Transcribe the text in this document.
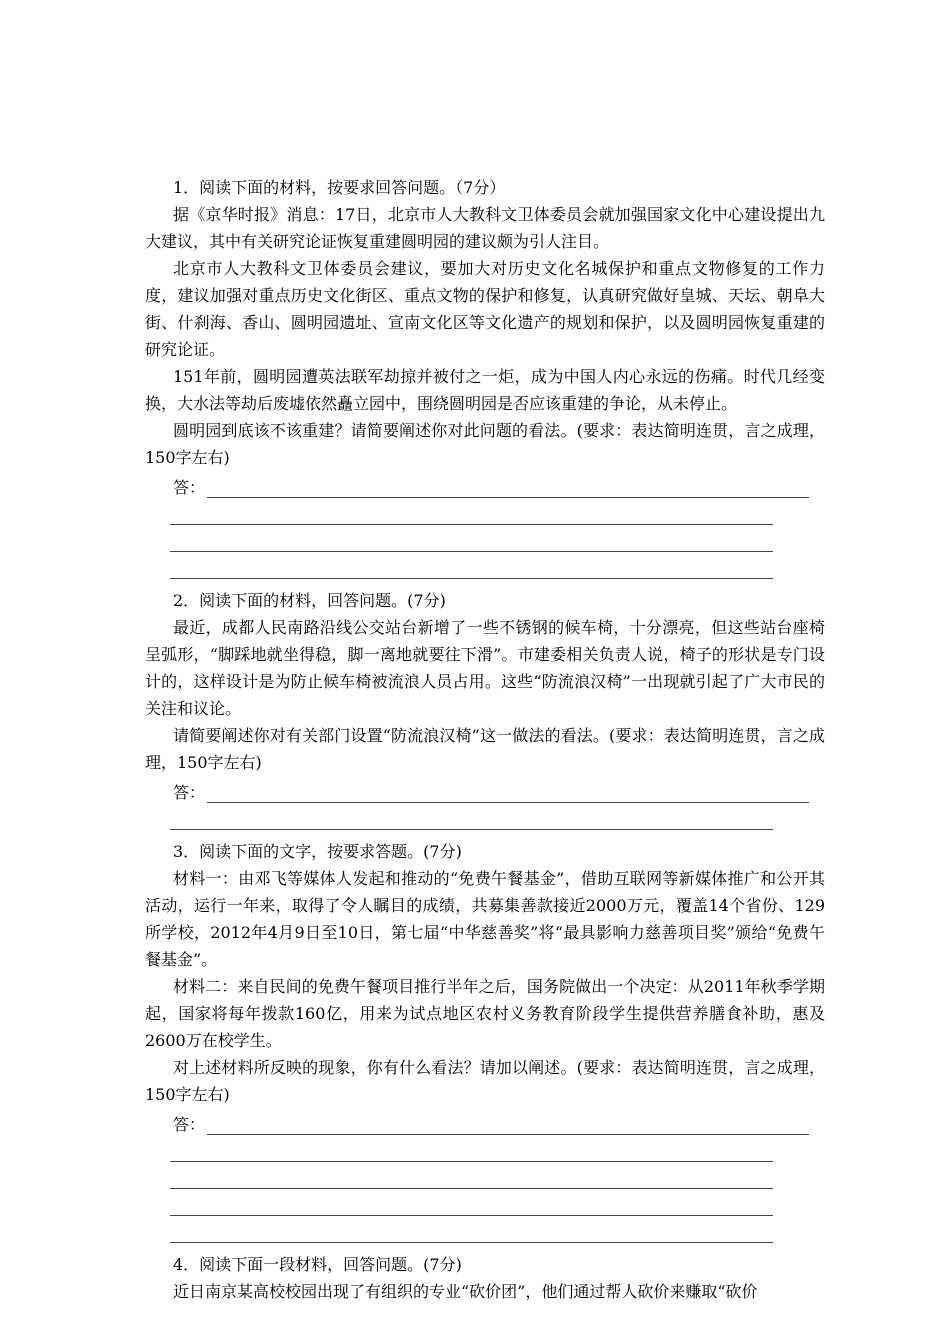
1．阅读下面的材料，按要求回答问题。（7分）

据《京华时报》消息：17日，北京市人大教科文卫体委员会就加强国家文化中心建设提出九大建议，其中有关研究论证恢复重建圆明园的建议颇为引人注目。

北京市人大教科文卫体委员会建议，要加大对历史文化名城保护和重点文物修复的工作力度，建议加强对重点历史文化街区、重点文物的保护和修复，认真研究做好皇城、天坛、朝阜大街、什刹海、香山、圆明园遗址、宣南文化区等文化遗产的规划和保护，以及圆明园恢复重建的研究论证。

151年前，圆明园遭英法联军劫掠并被付之一炬，成为中国人内心永远的伤痛。时代几经变换，大水法等劫后废墟依然矗立园中，围绕圆明园是否应该重建的争论，从未停止。

圆明园到底该不该重建？请简要阐述你对此问题的看法。(要求：表达简明连贯，言之成理，150字左右)

答：

2．阅读下面的材料，回答问题。(7分)

最近，成都人民南路沿线公交站台新增了一些不锈钢的候车椅，十分漂亮，但这些站台座椅呈弧形，“脚踩地就坐得稳，脚一离地就要往下滑”。市建委相关负责人说，椅子的形状是专门设计的，这样设计是为防止候车椅被流浪人员占用。这些“防流浪汉椅”一出现就引起了广大市民的关注和议论。

请简要阐述你对有关部门设置“防流浪汉椅”这一做法的看法。(要求：表达简明连贯，言之成理，150字左右)

答：

3．阅读下面的文字，按要求答题。(7分)

材料一：由邓飞等媒体人发起和推动的“免费午餐基金”，借助互联网等新媒体推广和公开其活动，运行一年来，取得了令人瞩目的成绩，共募集善款接近2000万元，覆盖14个省份、129所学校，2012年4月9日至10日，第七届“中华慈善奖”将“最具影响力慈善项目奖”颁给“免费午餐基金”。

材料二：来自民间的免费午餐项目推行半年之后，国务院做出一个决定：从2011年秋季学期起，国家将每年拨款160亿，用来为试点地区农村义务教育阶段学生提供营养膳食补助，惠及2600万在校学生。

对上述材料所反映的现象，你有什么看法？请加以阐述。(要求：表达简明连贯，言之成理，150字左右)

答：

4．阅读下面一段材料，回答问题。(7分)

近日南京某高校校园出现了有组织的专业“砍价团”，他们通过帮人砍价来赚取“砍价
